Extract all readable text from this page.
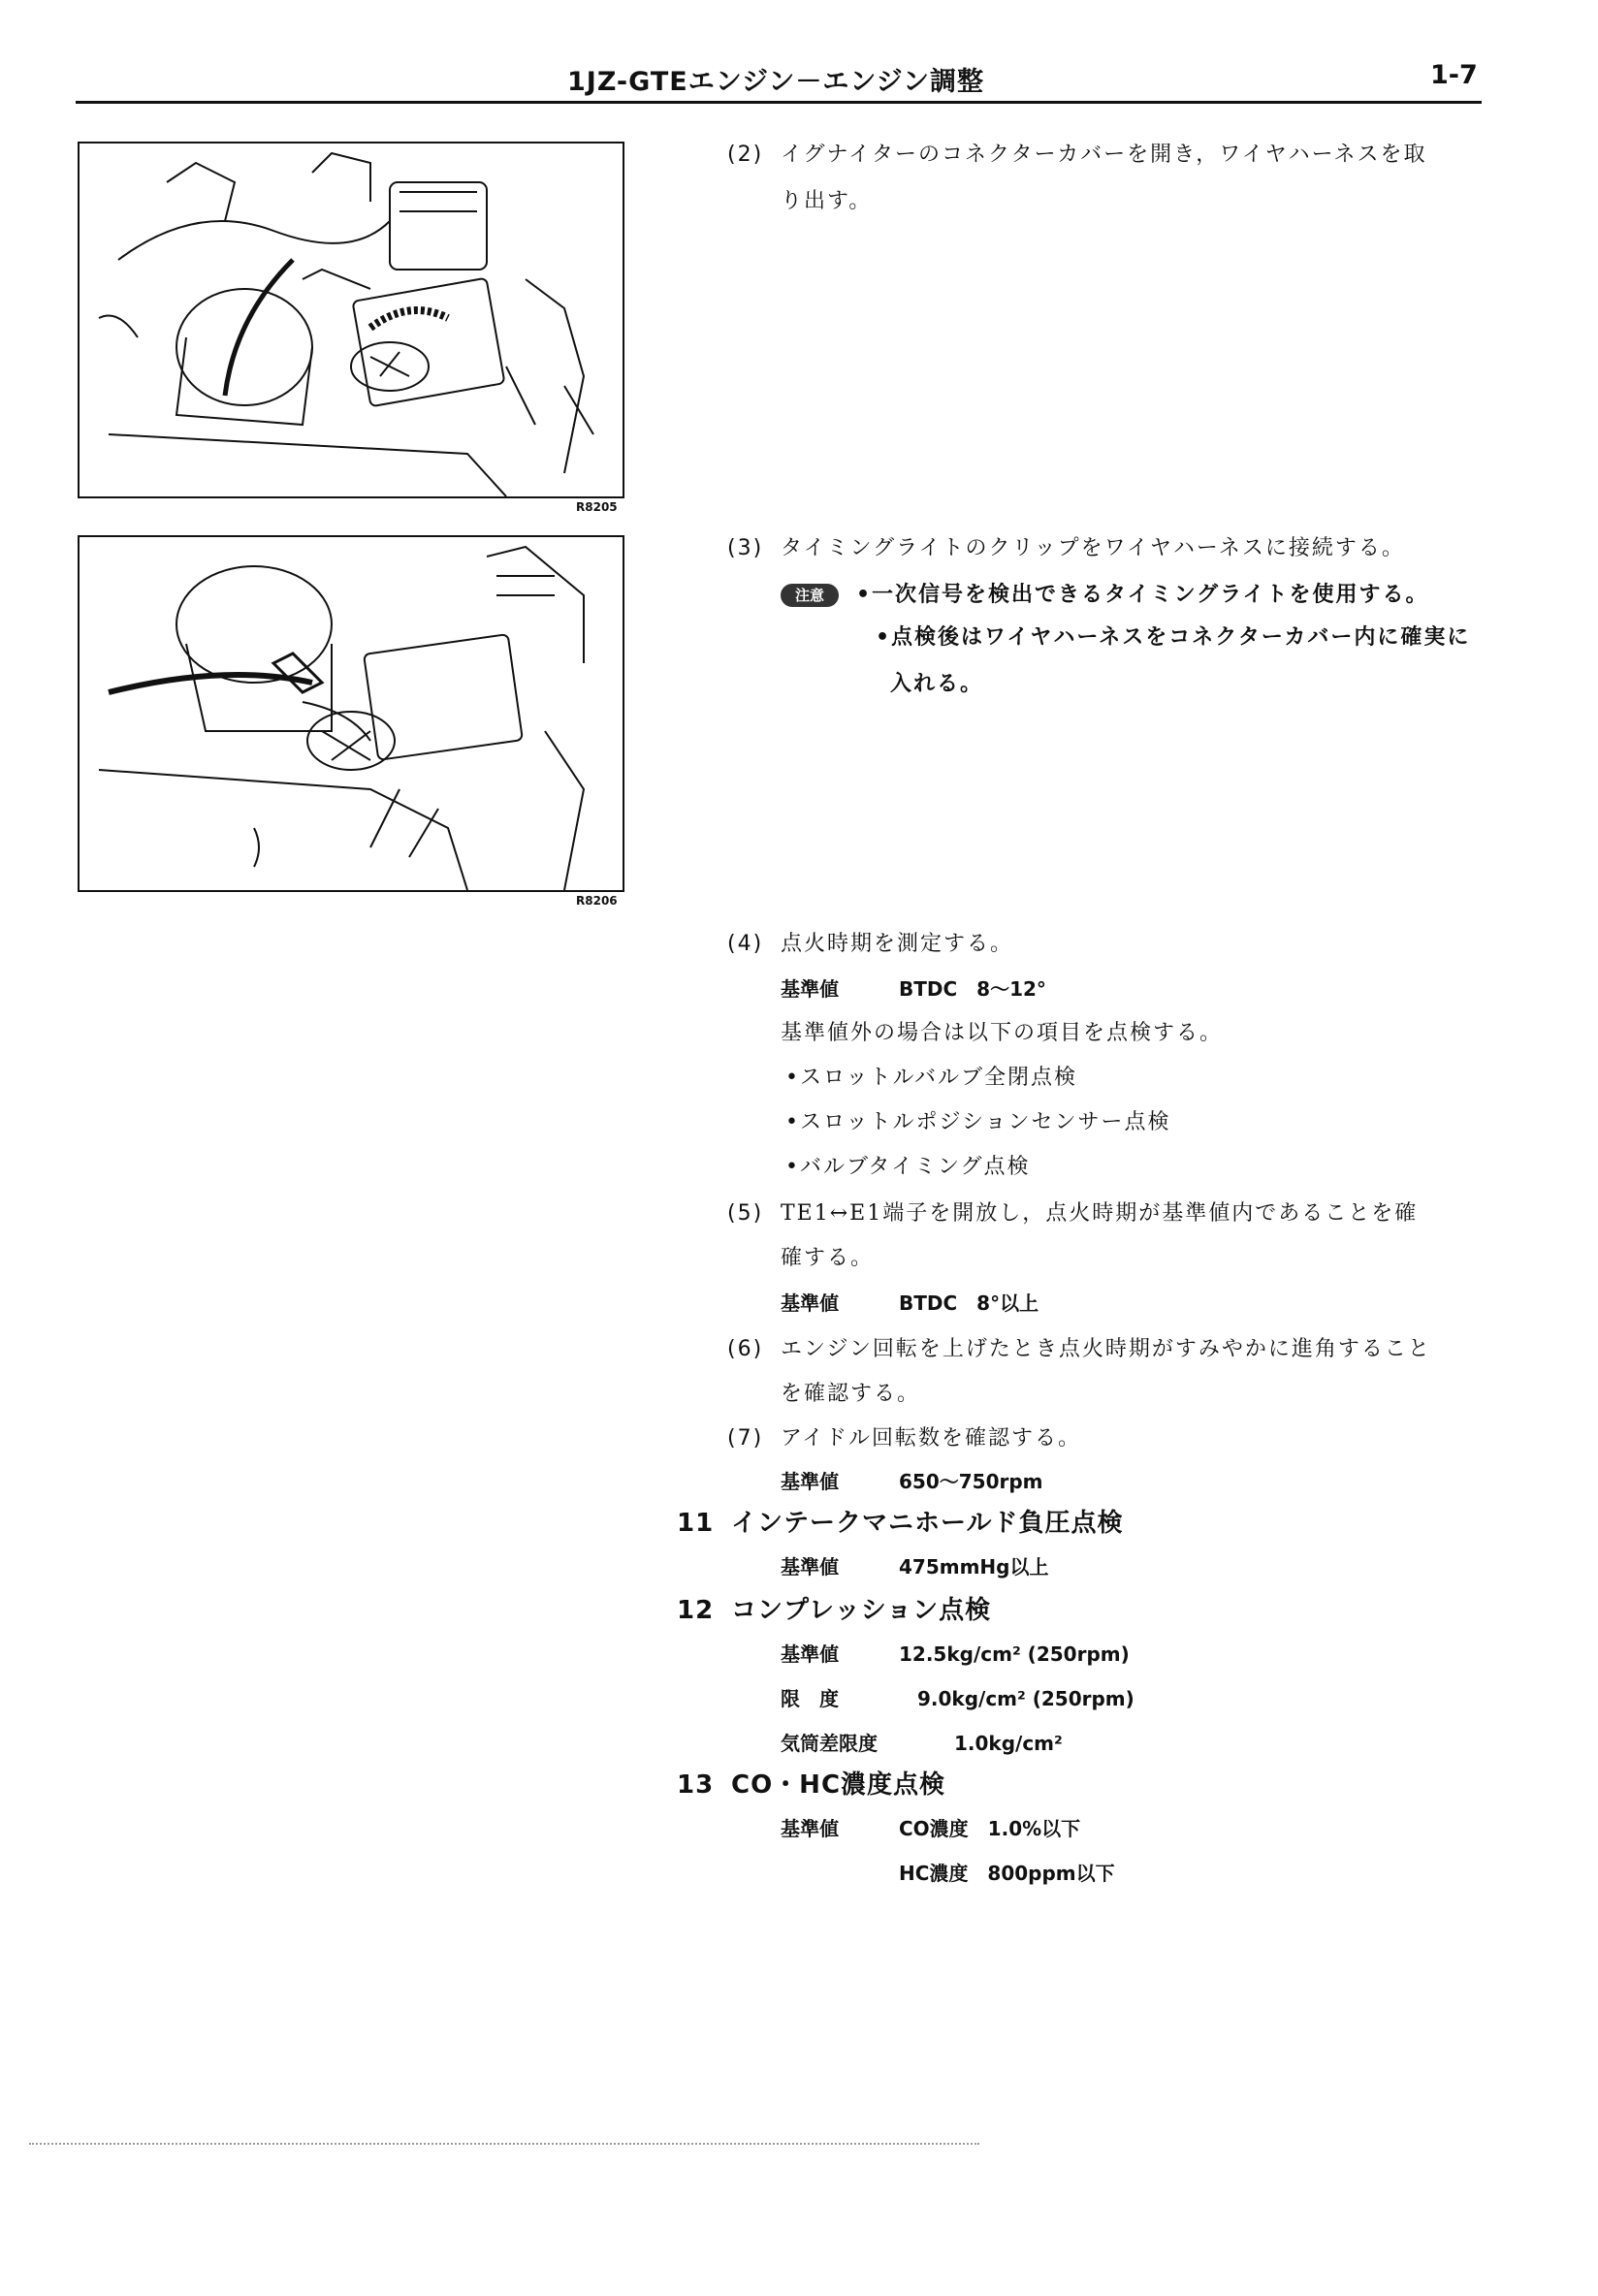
1JZ-GTEエンジン－エンジン調整	1-7
R8205
R8206
(2) イグナイターのコネクターカバーを開き，ワイヤハーネスを取
り出す。
(3) タイミングライトのクリップをワイヤハーネスに接続する。
注意 •一次信号を検出できるタイミングライトを使用する。
•点検後はワイヤハーネスをコネクターカバー内に確実に
入れる。
(4) 点火時期を測定する。
基準値	BTDC　8～12°
基準値外の場合は以下の項目を点検する。
•スロットルバルブ全閉点検
•スロットルポジションセンサー点検
•バルブタイミング点検
(5) TE1↔E1端子を開放し，点火時期が基準値内であることを確
確する。
基準値	BTDC　8°以上
(6) エンジン回転を上げたとき点火時期がすみやかに進角すること
を確認する。
(7) アイドル回転数を確認する。
基準値	650～750rpm
11 インテークマニホールド負圧点検
基準値	475mmHg以上
12 コンプレッション点検
基準値	12.5kg/cm² (250rpm)
限　度	9.0kg/cm² (250rpm)
気筒差限度	1.0kg/cm²
13 CO・HC濃度点検
基準値	CO濃度　1.0%以下
HC濃度　800ppm以下
